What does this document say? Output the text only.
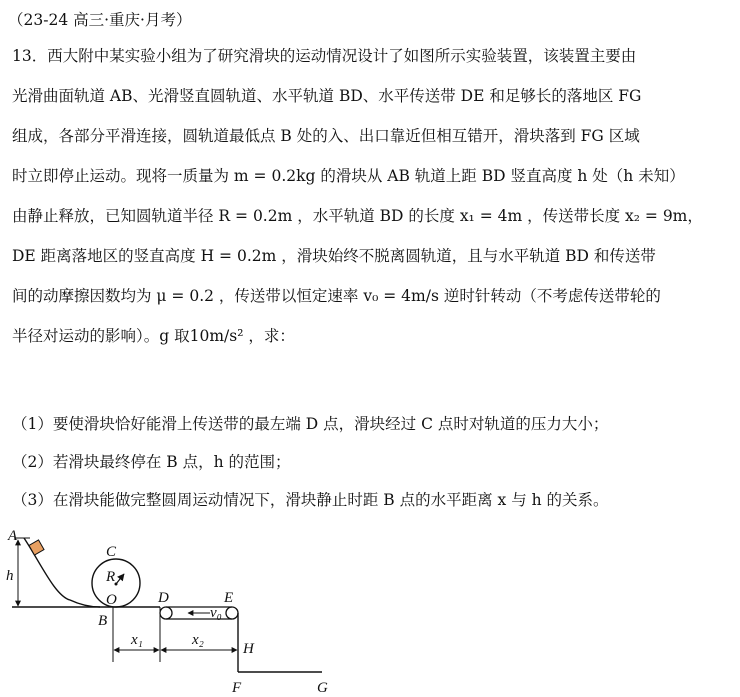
（23-24 高三·重庆·月考）

13．西大附中某实验小组为了研究滑块的运动情况设计了如图所示实验装置，该装置主要由

光滑曲面轨道 AB、光滑竖直圆轨道、水平轨道 BD、水平传送带 DE 和足够长的落地区 FG

组成，各部分平滑连接，圆轨道最低点 B 处的入、出口靠近但相互错开，滑块落到 FG 区域

时立即停止运动。现将一质量为 m = 0.2kg 的滑块从 AB 轨道上距 BD 竖直高度 h 处（h 未知）

由静止释放，已知圆轨道半径 R = 0.2m ，水平轨道 BD 的长度 x₁ = 4m ，传送带长度 x₂ = 9m，

DE 距离落地区的竖直高度 H = 0.2m ，滑块始终不脱离圆轨道，且与水平轨道 BD 和传送带

间的动摩擦因数均为 μ = 0.2 ，传送带以恒定速率 v₀ = 4m/s 逆时针转动（不考虑传送带轮的

半径对运动的影响）。g 取10m/s² ，求：

（1）要使滑块恰好能滑上传送带的最左端 D 点，滑块经过 C 点时对轨道的压力大小；

（2）若滑块最终停在 B 点，h 的范围；

（3）在滑块能做完整圆周运动情况下，滑块静止时距 B 点的水平距离 x 与 h 的关系。

A
h
C
R
O
B
D	E
v₀
x₁	x₂
H
F	G
